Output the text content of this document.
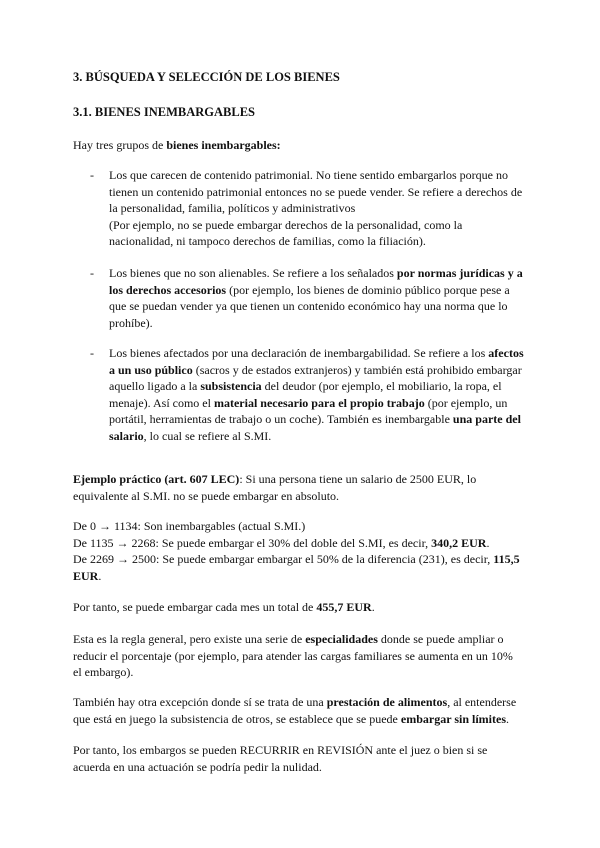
3. BÚSQUEDA Y SELECCIÓN DE LOS BIENES
3.1. BIENES INEMBARGABLES
Hay tres grupos de bienes inembargables:
- Los que carecen de contenido patrimonial. No tiene sentido embargarlos porque no
tienen un contenido patrimonial entonces no se puede vender. Se refiere a derechos de
la personalidad, familia, políticos y administrativos
(Por ejemplo, no se puede embargar derechos de la personalidad, como la
nacionalidad, ni tampoco derechos de familias, como la filiación).
- Los bienes que no son alienables. Se refiere a los señalados por normas jurídicas y a
los derechos accesorios (por ejemplo, los bienes de dominio público porque pese a
que se puedan vender ya que tienen un contenido económico hay una norma que lo
prohíbe).
- Los bienes afectados por una declaración de inembargabilidad. Se refiere a los afectos
a un uso público (sacros y de estados extranjeros) y también está prohibido embargar
aquello ligado a la subsistencia del deudor (por ejemplo, el mobiliario, la ropa, el
menaje). Así como el material necesario para el propio trabajo (por ejemplo, un
portátil, herramientas de trabajo o un coche). También es inembargable una parte del
salario, lo cual se refiere al S.MI.
Ejemplo práctico (art. 607 LEC): Si una persona tiene un salario de 2500 EUR, lo
equivalente al S.MI. no se puede embargar en absoluto.
De 0 → 1134: Son inembargables (actual S.MI.)
De 1135 → 2268: Se puede embargar el 30% del doble del S.MI, es decir, 340,2 EUR.
De 2269 → 2500: Se puede embargar embargar el 50% de la diferencia (231), es decir, 115,5
EUR.
Por tanto, se puede embargar cada mes un total de 455,7 EUR.
Esta es la regla general, pero existe una serie de especialidades donde se puede ampliar o
reducir el porcentaje (por ejemplo, para atender las cargas familiares se aumenta en un 10%
el embargo).
También hay otra excepción donde sí se trata de una prestación de alimentos, al entenderse
que está en juego la subsistencia de otros, se establece que se puede embargar sin límites.
Por tanto, los embargos se pueden RECURRIR en REVISIÓN ante el juez o bien si se
acuerda en una actuación se podría pedir la nulidad.
